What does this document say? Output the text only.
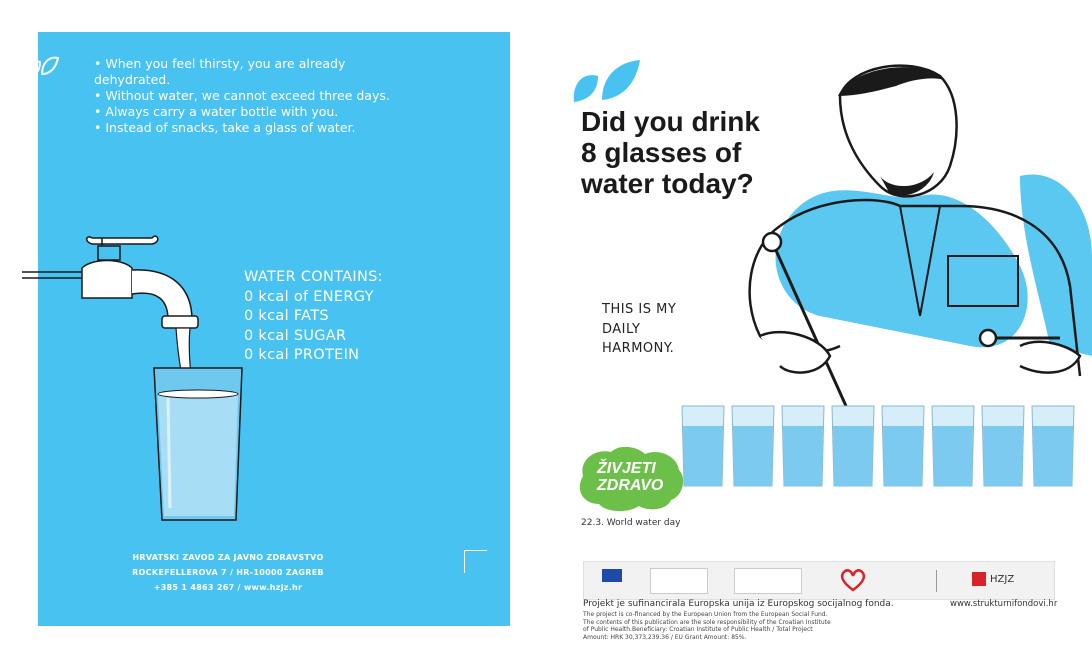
• When you feel thirsty, you are already dehydrated.
• Without water, we cannot exceed three days.
• Always carry a water bottle with you.
• Instead of snacks, take a glass of water.
WATER CONTAINS:
0 kcal of ENERGY
0 kcal FATS
0 kcal SUGAR
0 kcal PROTEIN
HRVATSKI ZAVOD ZA JAVNO ZDRAVSTVO
ROCKEFELLEROVA 7 / HR-10000 ZAGREB
+385 1 4863 267 / www.hzjz.hr
Did you drink
8 glasses of
water today?
THIS IS MY
DAILY
HARMONY.
ŽIVJETI
ZDRAVO
22.3. World water day
HZJZ
Projekt je sufinancirala Europska unija iz Europskog socijalnog fonda.	www.strukturnifondovi.hr
The project is co-financed by the European Union from the European Social Fund.
The contents of this publication are the sole responsibility of the Croatian Institute
of Public Health.Beneficiary: Croatian Institute of Public Health / Total Project
Amount: HRK 30,373,239.36 / EU Grant Amount: 85%.
